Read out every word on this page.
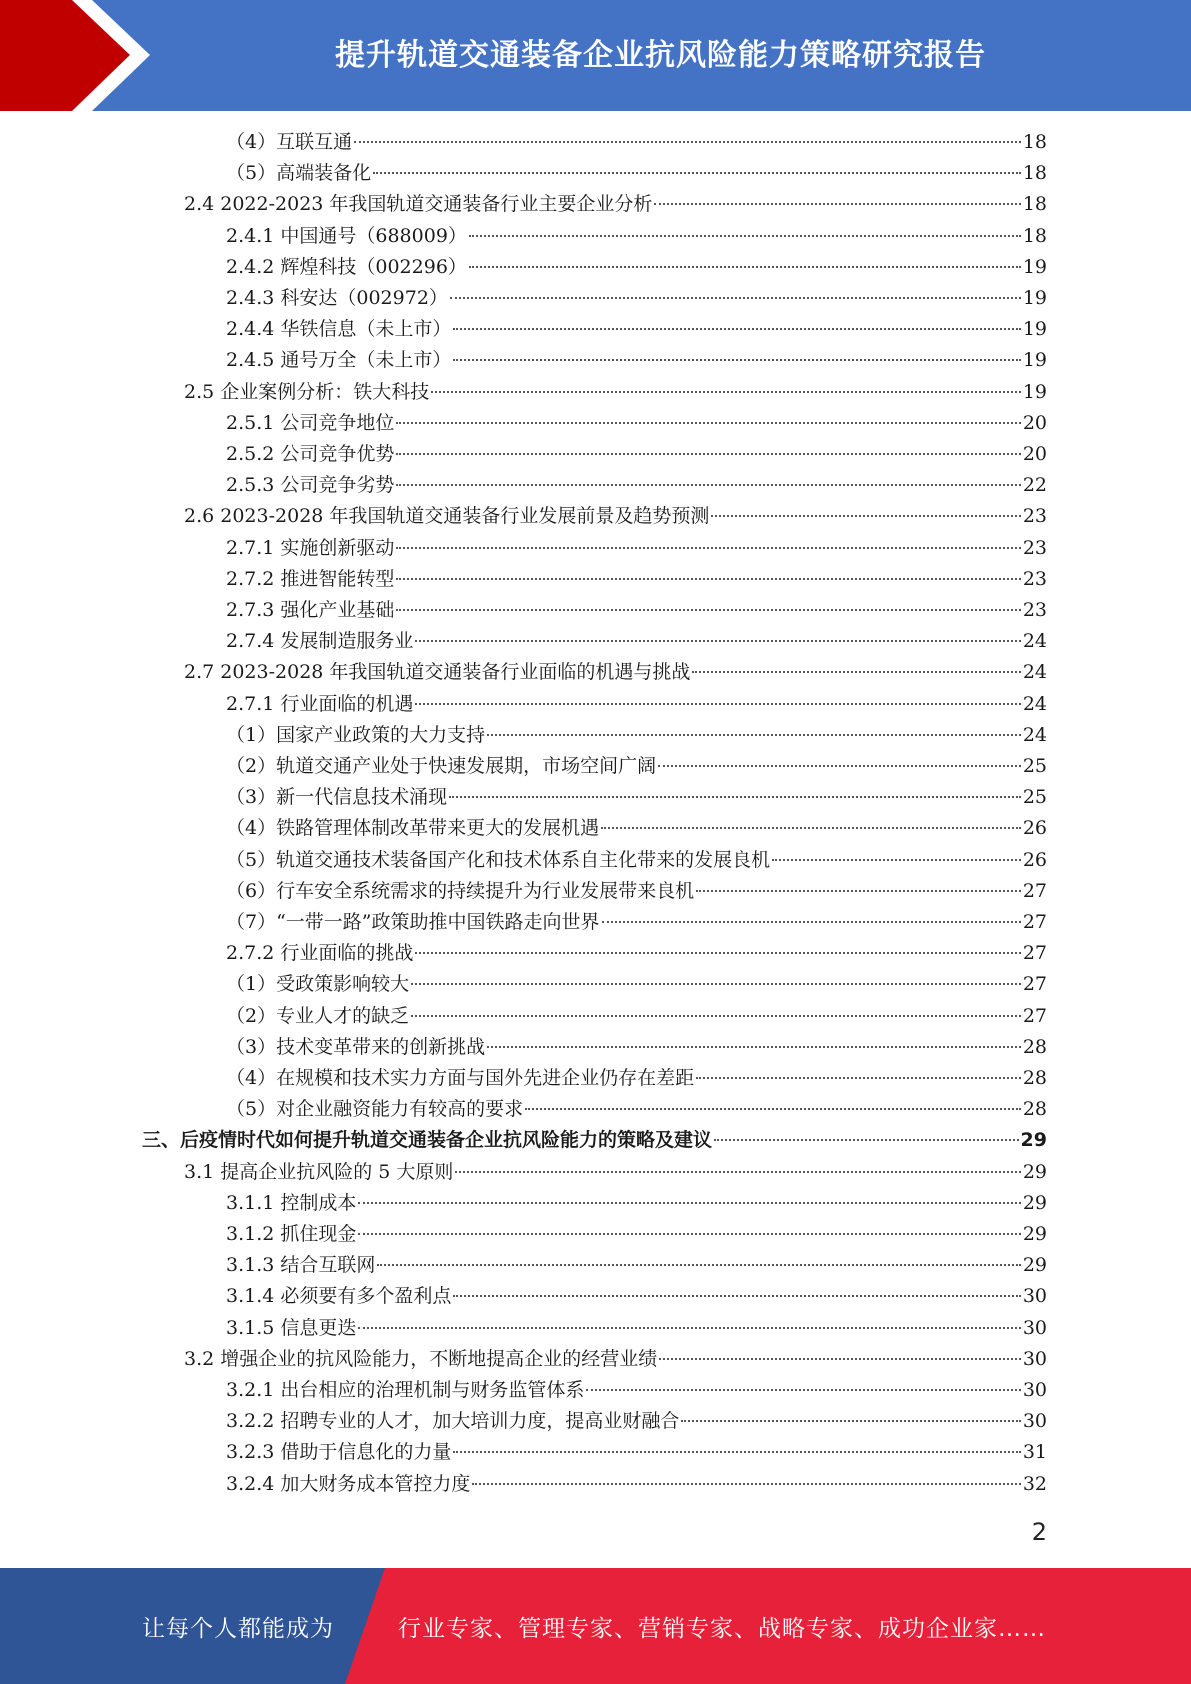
提升轨道交通装备企业抗风险能力策略研究报告
（4）互联互通	18
（5）高端装备化	18
2.4 2022-2023 年我国轨道交通装备行业主要企业分析	18
2.4.1 中国通号（688009）	18
2.4.2 辉煌科技（002296）	19
2.4.3 科安达（002972）	19
2.4.4 华铁信息（未上市）	19
2.4.5 通号万全（未上市）	19
2.5 企业案例分析：铁大科技	19
2.5.1 公司竞争地位	20
2.5.2 公司竞争优势	20
2.5.3 公司竞争劣势	22
2.6 2023-2028 年我国轨道交通装备行业发展前景及趋势预测	23
2.7.1 实施创新驱动	23
2.7.2 推进智能转型	23
2.7.3 强化产业基础	23
2.7.4 发展制造服务业	24
2.7 2023-2028 年我国轨道交通装备行业面临的机遇与挑战	24
2.7.1 行业面临的机遇	24
（1）国家产业政策的大力支持	24
（2）轨道交通产业处于快速发展期，市场空间广阔	25
（3）新一代信息技术涌现	25
（4）铁路管理体制改革带来更大的发展机遇	26
（5）轨道交通技术装备国产化和技术体系自主化带来的发展良机	26
（6）行车安全系统需求的持续提升为行业发展带来良机	27
（7）“一带一路”政策助推中国铁路走向世界	27
2.7.2 行业面临的挑战	27
（1）受政策影响较大	27
（2）专业人才的缺乏	27
（3）技术变革带来的创新挑战	28
（4）在规模和技术实力方面与国外先进企业仍存在差距	28
（5）对企业融资能力有较高的要求	28
三、后疫情时代如何提升轨道交通装备企业抗风险能力的策略及建议	29
3.1 提高企业抗风险的 5 大原则	29
3.1.1 控制成本	29
3.1.2 抓住现金	29
3.1.3 结合互联网	29
3.1.4 必须要有多个盈利点	30
3.1.5 信息更迭	30
3.2 增强企业的抗风险能力，不断地提高企业的经营业绩	30
3.2.1 出台相应的治理机制与财务监管体系	30
3.2.2 招聘专业的人才，加大培训力度，提高业财融合	30
3.2.3 借助于信息化的力量	31
3.2.4 加大财务成本管控力度	32
2
让每个人都能成为	行业专家、管理专家、营销专家、战略专家、成功企业家……
